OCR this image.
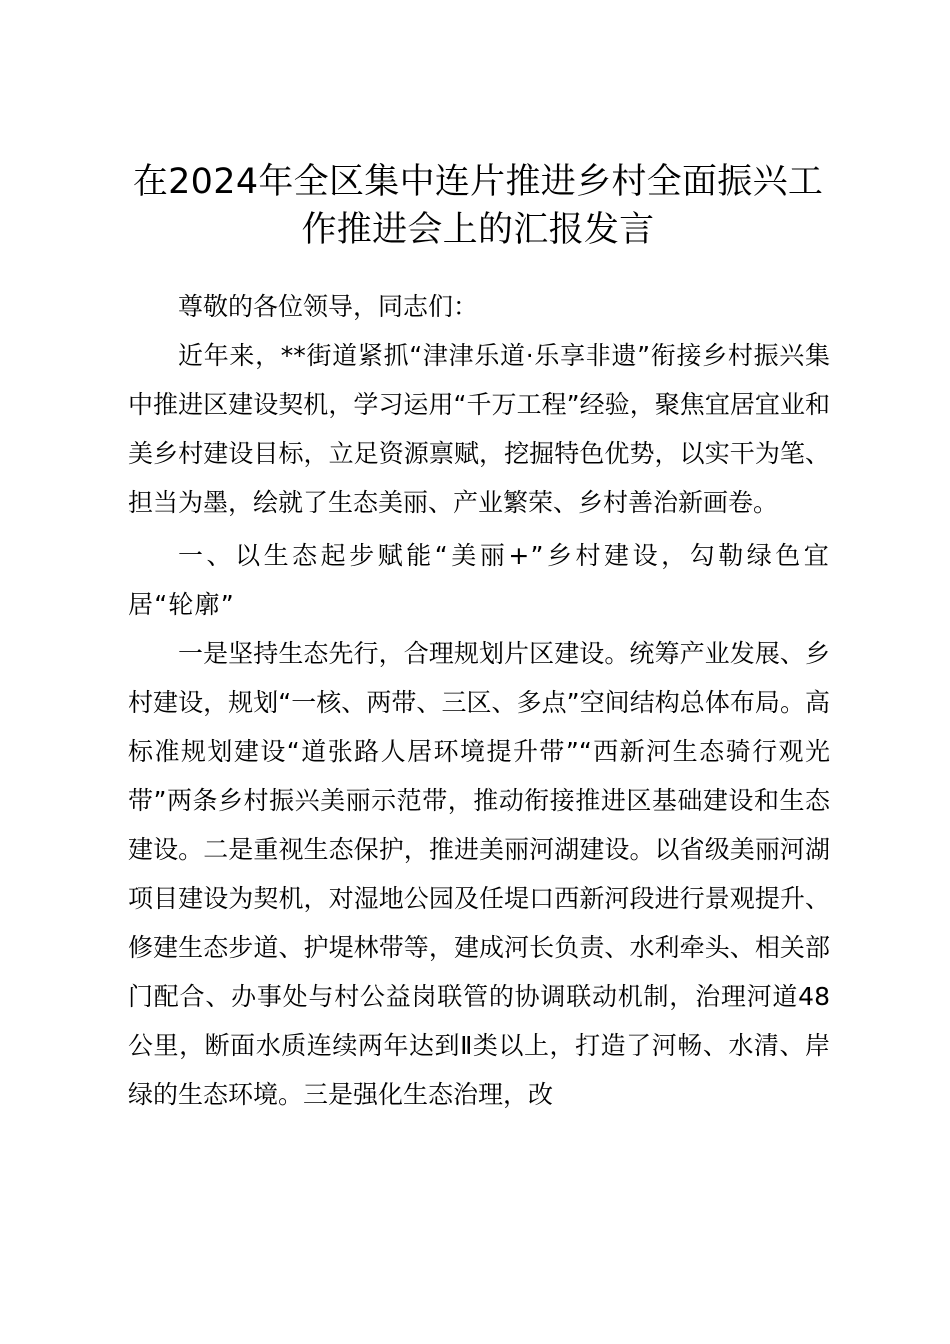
在2024年全区集中连片推进乡村全面振兴工作推进会上的汇报发言

尊敬的各位领导，同志们：

近年来，**街道紧抓“津津乐道·乐享非遗”衔接乡村振兴集中推进区建设契机，学习运用“千万工程”经验，聚焦宜居宜业和美乡村建设目标，立足资源禀赋，挖掘特色优势，以实干为笔、担当为墨，绘就了生态美丽、产业繁荣、乡村善治新画卷。

一、以生态起步赋能“美丽+”乡村建设，勾勒绿色宜居“轮廓”

一是坚持生态先行，合理规划片区建设。统筹产业发展、乡村建设，规划“一核、两带、三区、多点”空间结构总体布局。高标准规划建设“道张路人居环境提升带”“西新河生态骑行观光带”两条乡村振兴美丽示范带，推动衔接推进区基础建设和生态建设。二是重视生态保护，推进美丽河湖建设。以省级美丽河湖项目建设为契机，对湿地公园及任堤口西新河段进行景观提升、修建生态步道、护堤林带等，建成河长负责、水利牵头、相关部门配合、办事处与村公益岗联管的协调联动机制，治理河道48公里，断面水质连续两年达到Ⅱ类以上，打造了河畅、水清、岸绿的生态环境。三是强化生态治理，改
